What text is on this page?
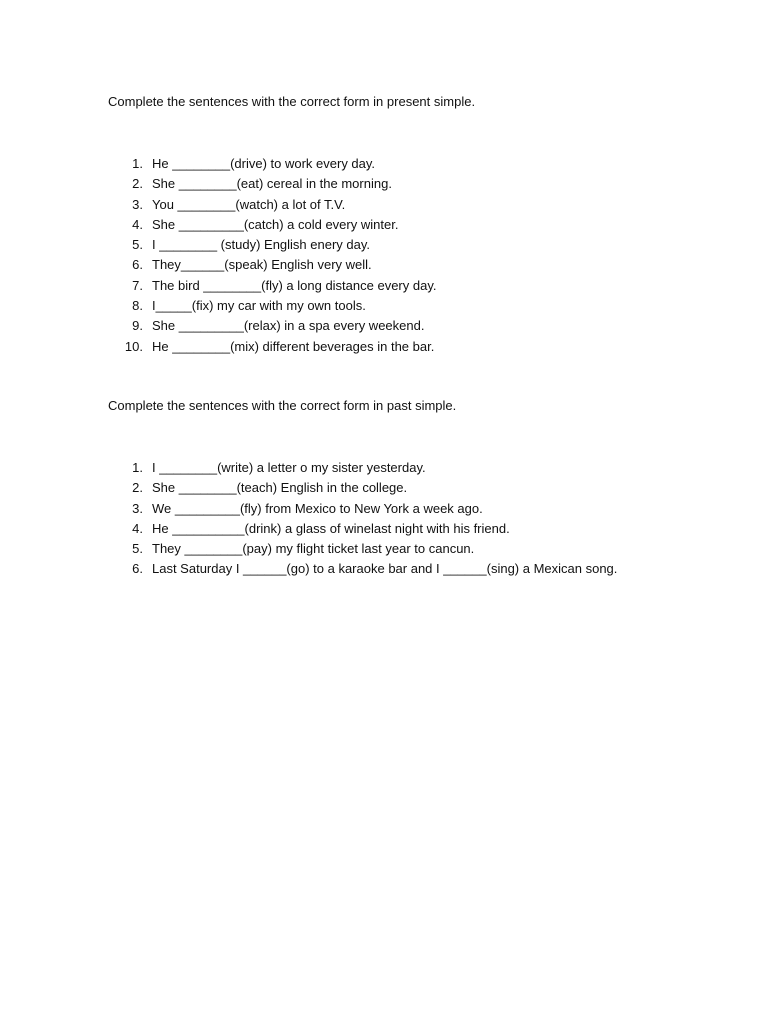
Complete the sentences with the correct form in present simple.

1. He ________(drive) to work every day.
2. She ________(eat) cereal in the morning.
3. You ________(watch) a lot of T.V.
4. She _________(catch) a cold every winter.
5. I ________ (study) English enery day.
6. They______(speak) English very well.
7. The bird ________(fly) a long distance every day.
8. I_____(fix) my car with my own tools.
9. She _________(relax) in a spa every weekend.
10. He ________(mix) different beverages in the bar.

Complete the sentences with the correct form in past simple.

1. I ________(write) a letter o my sister yesterday.
2. She ________(teach) English in the college.
3. We _________(fly) from Mexico to New York a week ago.
4. He __________(drink) a glass of winelast night with his friend.
5. They ________(pay) my flight ticket last year to cancun.
6. Last Saturday I ______(go) to a karaoke bar and I ______(sing) a Mexican song.
